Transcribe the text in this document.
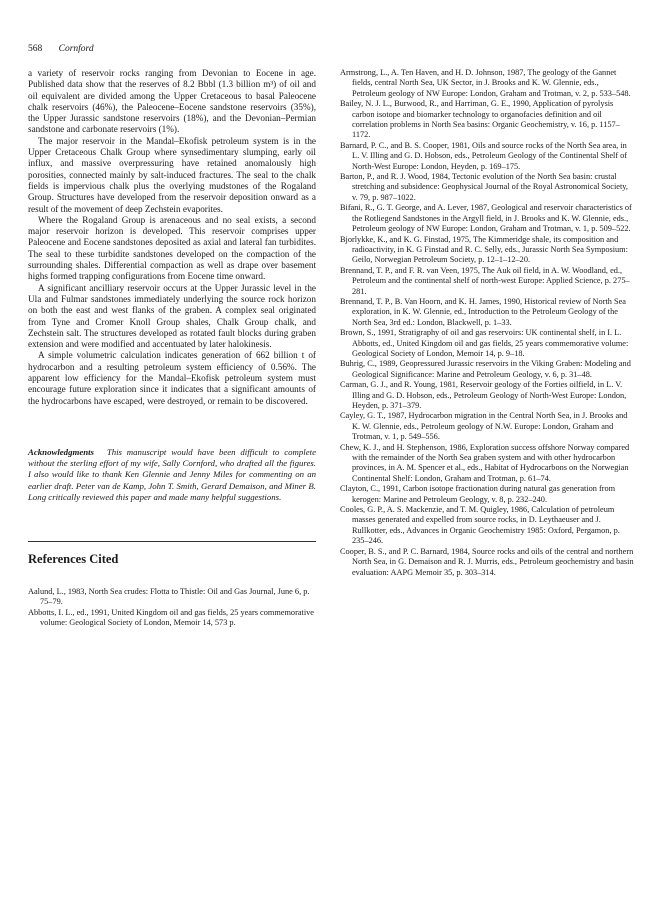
568 Cornford

a variety of reservoir rocks ranging from Devonian to Eocene in age. Published data show that the reserves of 8.2 Bbbl (1.3 billion m³) of oil and oil equivalent are divided among the Upper Cretaceous to basal Paleocene chalk reservoirs (46%), the Paleocene–Eocene sandstone reservoirs (35%), the Upper Jurassic sandstone reservoirs (18%), and the Devonian–Permian sandstone and carbonate reservoirs (1%).

The major reservoir in the Mandal–Ekofisk petroleum system is in the Upper Cretaceous Chalk Group where synsedimentary slumping, early oil influx, and massive overpressuring have retained anomalously high porosities, connected mainly by salt-induced fractures. The seal to the chalk fields is impervious chalk plus the overlying mudstones of the Rogaland Group. Structures have developed from the reservoir deposition onward as a result of the movement of deep Zechstein evaporites.

Where the Rogaland Group is arenaceous and no seal exists, a second major reservoir horizon is developed. This reservoir comprises upper Paleocene and Eocene sandstones deposited as axial and lateral fan turbidites. The seal to these turbidite sandstones developed on the compaction of the surrounding shales. Differential compaction as well as drape over basement highs formed trapping configurations from Eocene time onward.

A significant ancilliary reservoir occurs at the Upper Jurassic level in the Ula and Fulmar sandstones immediately underlying the source rock horizon on both the east and west flanks of the graben. A complex seal originated from Tyne and Cromer Knoll Group shales, Chalk Group chalk, and Zechstein salt. The structures developed as rotated fault blocks during graben extension and were modified and accentuated by later halokinesis.

A simple volumetric calculation indicates generation of 662 billion t of hydrocarbon and a resulting petroleum system efficiency of 0.56%. The apparent low efficiency for the Mandal–Ekofisk petroleum system must encourage future exploration since it indicates that a significant amounts of the hydrocarbons have escaped, were destroyed, or remain to be discovered.

Acknowledgments This manuscript would have been difficult to complete without the sterling effort of my wife, Sally Cornford, who drafted all the figures. I also would like to thank Ken Glennie and Jenny Miles for commenting on an earlier draft. Peter van de Kamp, John T. Smith, Gerard Demaison, and Miner B. Long critically reviewed this paper and made many helpful suggestions.
References Cited

Aalund, L., 1983, North Sea crudes: Flotta to Thistle: Oil and Gas Journal, June 6, p. 75–79.

Abbotts, I. L., ed., 1991, United Kingdom oil and gas fields, 25 years commemorative volume: Geological Society of London, Memoir 14, 573 p.

Armstrong, L., A. Ten Haven, and H. D. Johnson, 1987, The geology of the Gannet fields, central North Sea, UK Sector, in J. Brooks and K. W. Glennie, eds., Petroleum geology of NW Europe: London, Graham and Trotman, v. 2, p. 533–548.

Bailey, N. J. L., Burwood, R., and Harriman, G. E., 1990, Application of pyrolysis carbon isotope and biomarker technology to organofacies definition and oil correlation problems in North Sea basins: Organic Geochemistry, v. 16, p. 1157–1172.

Barnard, P. C., and B. S. Cooper, 1981, Oils and source rocks of the North Sea area, in L. V. Illing and G. D. Hobson, eds., Petroleum Geology of the Continental Shelf of North-West Europe: London, Heyden, p. 169–175.

Barton, P., and R. J. Wood, 1984, Tectonic evolution of the North Sea basin: crustal stretching and subsidence: Geophysical Journal of the Royal Astronomical Society, v. 79, p. 987–1022.

Bifani, R., G. T. George, and A. Lever, 1987, Geological and reservoir characteristics of the Rotliegend Sandstones in the Argyll field, in J. Brooks and K. W. Glennie, eds., Petroleum geology of NW Europe: London, Graham and Trotman, v. 1, p. 509–522.

Bjorlykke, K., and K. G. Finstad, 1975, The Kimmeridge shale, its composition and radioactivity, in K. G Finstad and R. C. Selly, eds., Jurassic North Sea Symposium: Geilo, Norwegian Petroleum Society, p. 12–1–12–20.

Brennand, T. P., and F. R. van Veen, 1975, The Auk oil field, in A. W. Woodland, ed., Petroleum and the continental shelf of north-west Europe: Applied Science, p. 275–281.

Brennand, T. P., B. Van Hoorn, and K. H. James, 1990, Historical review of North Sea exploration, in K. W. Glennie, ed., Introduction to the Petroleum Geology of the North Sea, 3rd ed.: London, Blackwell, p. 1–33.

Brown, S., 1991, Stratigraphy of oil and gas reservoirs: UK continental shelf, in I. L. Abbotts, ed., United Kingdom oil and gas fields, 25 years commemorative volume: Geological Society of London, Memoir 14, p. 9–18.

Buhrig, C., 1989, Geopressured Jurassic reservoirs in the Viking Graben: Modeling and Geological Significance: Marine and Petroleum Geology, v. 6, p. 31–48.

Carman, G. J., and R. Young, 1981, Reservoir geology of the Forties oilfield, in L. V. Illing and G. D. Hobson, eds., Petroleum Geology of North-West Europe: London, Heyden, p. 371–379.

Cayley, G. T., 1987, Hydrocarbon migration in the Central North Sea, in J. Brooks and K. W. Glennie, eds., Petroleum geology of N.W. Europe: London, Graham and Trotman, v. 1, p. 549–556.

Chew, K. J., and H. Stephenson, 1986, Exploration success offshore Norway compared with the remainder of the North Sea graben system and with other hydrocarbon provinces, in A. M. Spencer et al., eds., Habitat of Hydrocarbons on the Norwegian Continental Shelf: London, Graham and Trotman, p. 61–74.

Clayton, C., 1991, Carbon isotope fractionation during natural gas generation from kerogen: Marine and Petroleum Geology, v. 8, p. 232–240.

Cooles, G. P., A. S. Mackenzie, and T. M. Quigley, 1986, Calculation of petroleum masses generated and expelled from source rocks, in D. Leythaeuser and J. Rullkotter, eds., Advances in Organic Geochemistry 1985: Oxford, Pergamon, p. 235–246.

Cooper, B. S., and P. C. Barnard, 1984, Source rocks and oils of the central and northern North Sea, in G. Demaison and R. J. Murris, eds., Petroleum geochemistry and basin evaluation: AAPG Memoir 35, p. 303–314.
